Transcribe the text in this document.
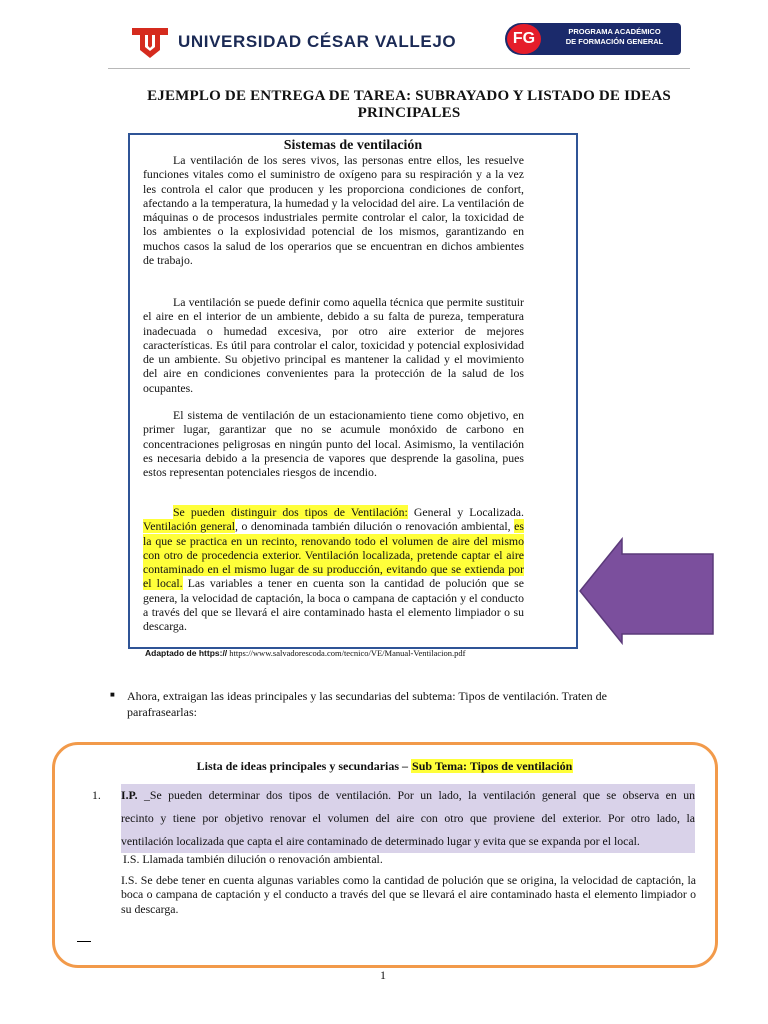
UNIVERSIDAD CÉSAR VALLEJO	FG	PROGRAMA ACADÉMICO
DE FORMACIÓN GENERAL
EJEMPLO DE ENTREGA DE TAREA: SUBRAYADO Y LISTADO DE IDEAS PRINCIPALES
Sistemas de ventilación
La ventilación de los seres vivos, las personas entre ellos, les resuelve funciones vitales como el suministro de oxígeno para su respiración y a la vez les controla el calor que producen y les proporciona condiciones de confort, afectando a la temperatura, la humedad y la velocidad del aire. La ventilación de máquinas o de procesos industriales permite controlar el calor, la toxicidad de los ambientes o la explosividad potencial de los mismos, garantizando en muchos casos la salud de los operarios que se encuentran en dichos ambientes de trabajo.
La ventilación se puede definir como aquella técnica que permite sustituir el aire en el interior de un ambiente, debido a su falta de pureza, temperatura inadecuada o humedad excesiva, por otro aire exterior de mejores características. Es útil para controlar el calor, toxicidad y potencial explosividad de un ambiente. Su objetivo principal es mantener la calidad y el movimiento del aire en condiciones convenientes para la protección de la salud de los ocupantes.
El sistema de ventilación de un estacionamiento tiene como objetivo, en primer lugar, garantizar que no se acumule monóxido de carbono en concentraciones peligrosas en ningún punto del local. Asimismo, la ventilación es necesaria debido a la presencia de vapores que desprende la gasolina, pues estos representan potenciales riesgos de incendio.
Se pueden distinguir dos tipos de Ventilación: General y Localizada. Ventilación general, o denominada también dilución o renovación ambiental, es la que se practica en un recinto, renovando todo el volumen de aire del mismo con otro de procedencia exterior. Ventilación localizada, pretende captar el aire contaminado en el mismo lugar de su producción, evitando que se extienda por el local. Las variables a tener en cuenta son la cantidad de polución que se genera, la velocidad de captación, la boca o campana de captación y el conducto a través del que se llevará el aire contaminado hasta el elemento limpiador o su descarga.
Adaptado de https:// https://www.salvadorescoda.com/tecnico/VE/Manual-Ventilacion.pdf
■ Ahora, extraigan las ideas principales y las secundarias del subtema: Tipos de ventilación. Traten de parafrasearlas:
Lista de ideas principales y secundarias – Sub Tema: Tipos de ventilación
1. I.P. _Se pueden determinar dos tipos de ventilación. Por un lado, la ventilación general que se observa en un
recinto y tiene por objetivo renovar el volumen del aire con otro que proviene del exterior. Por otro lado, la
ventilación localizada que capta el aire contaminado de determinado lugar y evita que se expanda por el local.
I.S. Llamada también dilución o renovación ambiental.
I.S. Se debe tener en cuenta algunas variables como la cantidad de polución que se origina, la velocidad de captación, la boca o campana de captación y el conducto a través del que se llevará el aire contaminado hasta el elemento limpiador o su descarga.
1
